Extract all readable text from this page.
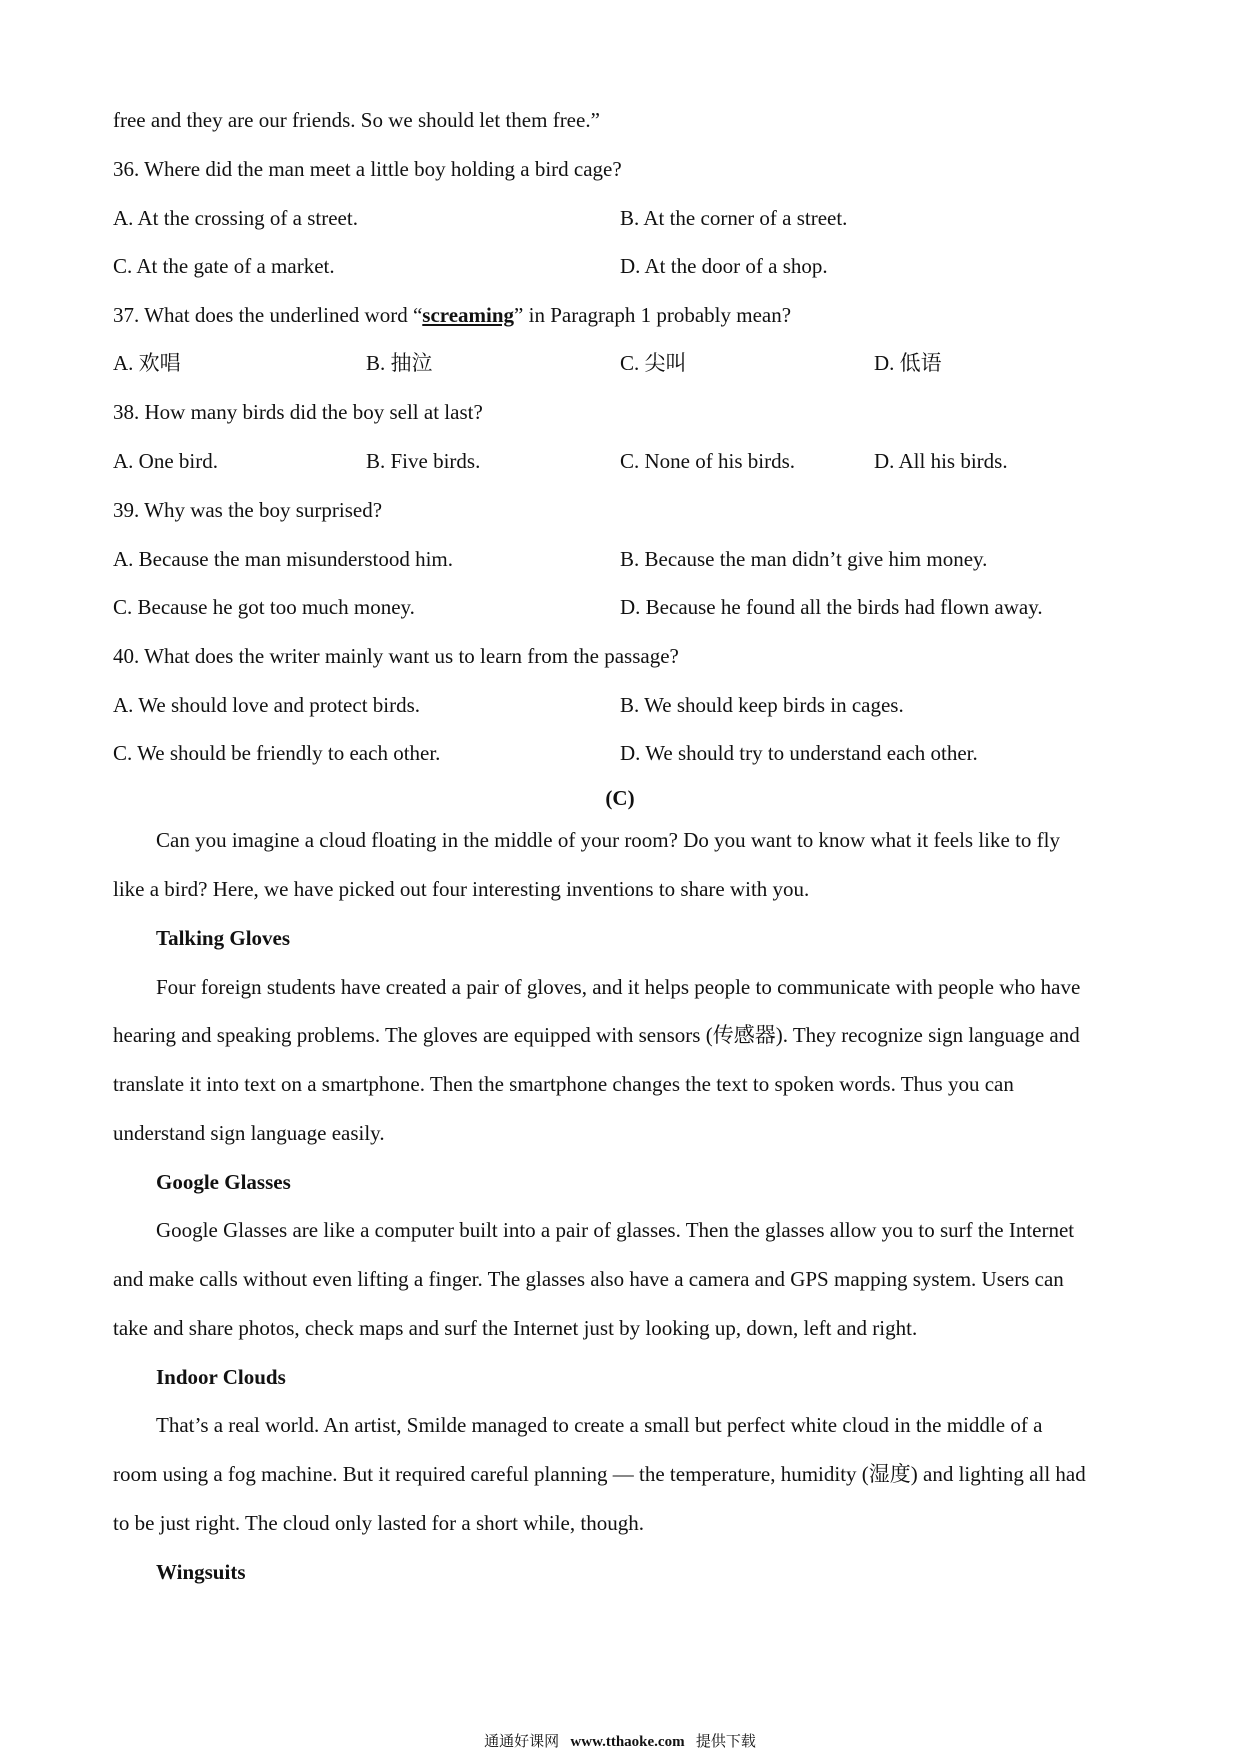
free and they are our friends. So we should let them free.”
36. Where did the man meet a little boy holding a bird cage?
A. At the crossing of a street.	B. At the corner of a street.
C. At the gate of a market.	D. At the door of a shop.
37. What does the underlined word “screaming” in Paragraph 1 probably mean?
A. 欢唱	B. 抽泣	C. 尖叫	D. 低语
38. How many birds did the boy sell at last?
A. One bird.	B. Five birds.	C. None of his birds.	D. All his birds.
39. Why was the boy surprised?
A. Because the man misunderstood him.	B. Because the man didn’t give him money.
C. Because he got too much money.	D. Because he found all the birds had flown away.
40. What does the writer mainly want us to learn from the passage?
A. We should love and protect birds.	B. We should keep birds in cages.
C. We should be friendly to each other.	D. We should try to understand each other.
(C)
Can you imagine a cloud floating in the middle of your room? Do you want to know what it feels like to fly
like a bird? Here, we have picked out four interesting inventions to share with you.
Talking Gloves
Four foreign students have created a pair of gloves, and it helps people to communicate with people who have
hearing and speaking problems. The gloves are equipped with sensors (传感器). They recognize sign language and
translate it into text on a smartphone. Then the smartphone changes the text to spoken words. Thus you can
understand sign language easily.
Google Glasses
Google Glasses are like a computer built into a pair of glasses. Then the glasses allow you to surf the Internet
and make calls without even lifting a finger. The glasses also have a camera and GPS mapping system. Users can
take and share photos, check maps and surf the Internet just by looking up, down, left and right.
Indoor Clouds
That’s a real world. An artist, Smilde managed to create a small but perfect white cloud in the middle of a
room using a fog machine. But it required careful planning — the temperature, humidity (湿度) and lighting all had
to be just right. The cloud only lasted for a short while, though.
Wingsuits
通通好课网 www.tthaoke.com 提供下载
